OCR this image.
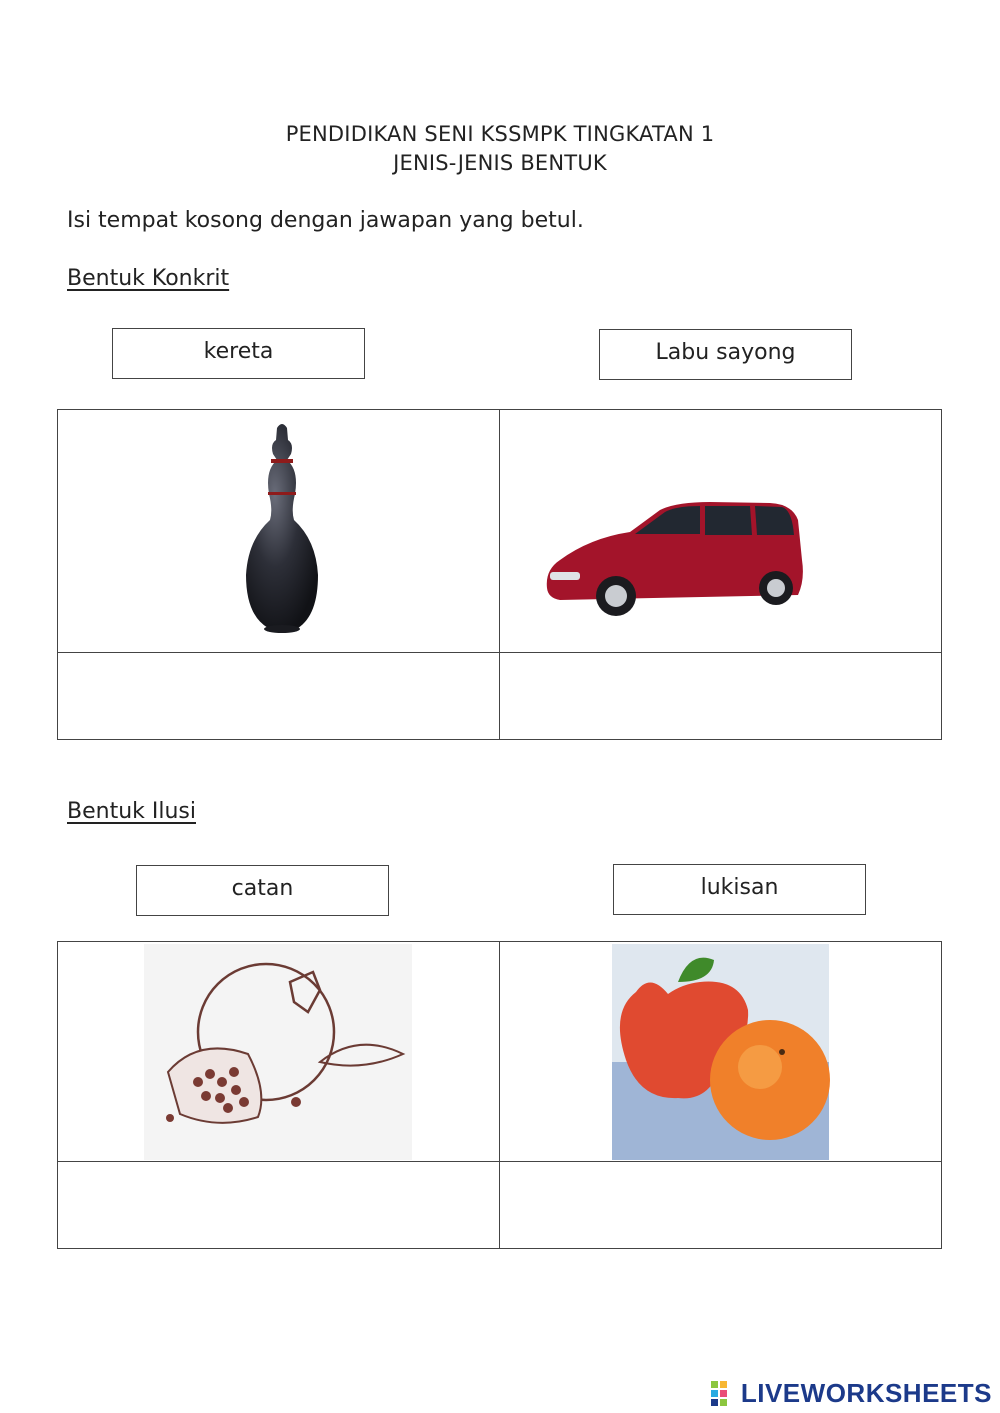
PENDIDIKAN SENI KSSMPK TINGKATAN 1
JENIS-JENIS BENTUK
Isi tempat kosong dengan jawapan yang betul.
Bentuk Konkrit
kereta	Labu sayong
Bentuk Ilusi
catan	lukisan
LIVEWORKSHEETS
